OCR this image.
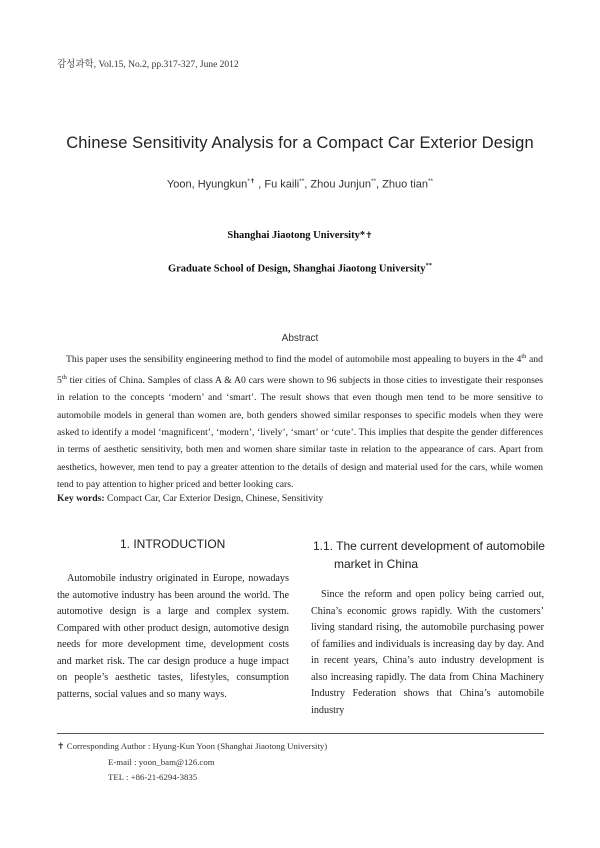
감성과학, Vol.15, No.2, pp.317-327, June 2012
Chinese Sensitivity Analysis for a Compact Car Exterior Design
Yoon, Hyungkun*✝ , Fu kaili**, Zhou Junjun**, Zhuo tian**
Shanghai Jiaotong University*✝
Graduate School of Design, Shanghai Jiaotong University**
Abstract
This paper uses the sensibility engineering method to find the model of automobile most appealing to buyers in the 4th and 5th tier cities of China. Samples of class A & A0 cars were shown to 96 subjects in those cities to investigate their responses in relation to the concepts ‘modern’ and ‘smart’. The result shows that even though men tend to be more sensitive to automobile models in general than women are, both genders showed similar responses to specific models when they were asked to identify a model ‘magnificent’, ‘modern’, ‘lively’, ‘smart’ or ‘cute’. This implies that despite the gender differences in terms of aesthetic sensitivity, both men and women share similar taste in relation to the appearance of cars. Apart from aesthetics, however, men tend to pay a greater attention to the details of design and material used for the cars, while women tend to pay attention to higher priced and better looking cars.
Key words: Compact Car, Car Exterior Design, Chinese, Sensitivity
1. INTRODUCTION	1.1. The current development of automobile
market in China
Automobile industry originated in Europe, nowadays the automotive industry has been around the world. The automotive design is a large and complex system. Compared with other product design, automotive design needs for more development time, development costs and market risk. The car design produce a huge impact on people’s aesthetic tastes, lifestyles, consumption patterns, social values and so many ways.
Since the reform and open policy being carried out, China’s economic grows rapidly. With the customers’ living standard rising, the automobile purchasing power of families and individuals is increasing day by day. And in recent years, China’s auto industry development is also increasing rapidly. The data from China Machinery Industry Federation shows that China’s automobile industry
✝ Corresponding Author : Hyung-Kun Yoon (Shanghai Jiaotong University)
E-mail : yoon_bam@126.com
TEL : +86-21-6294-3835
